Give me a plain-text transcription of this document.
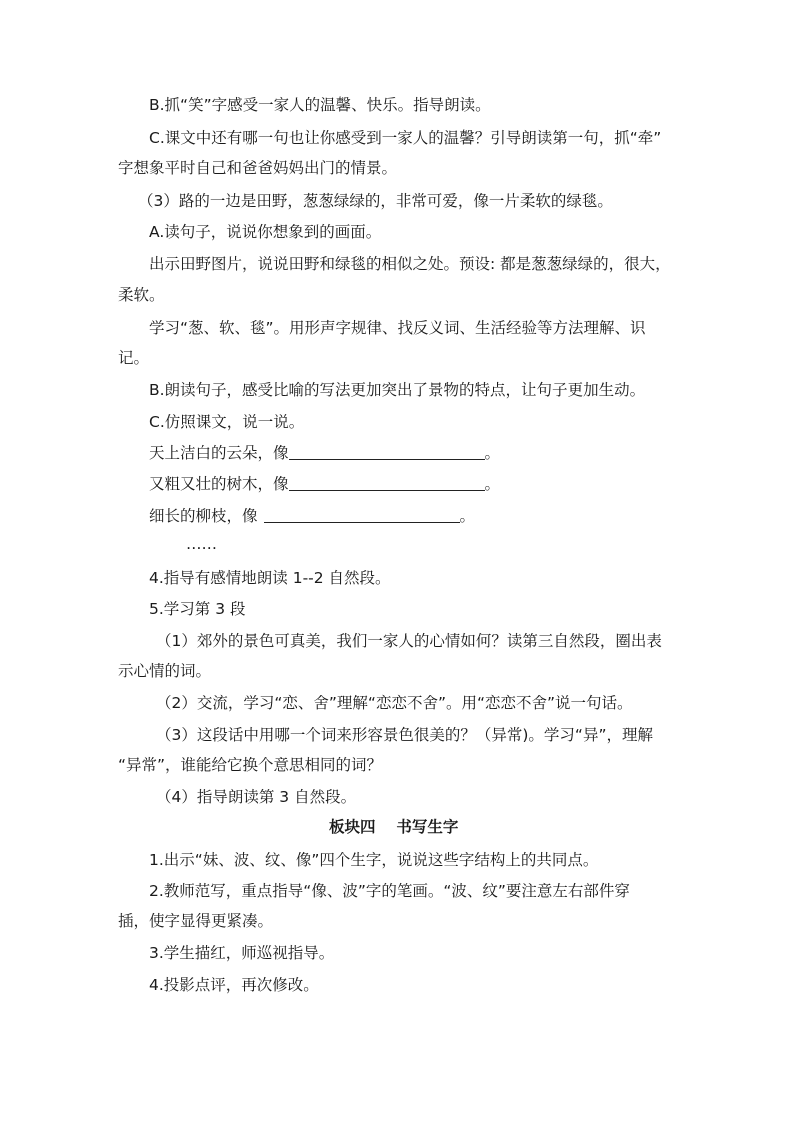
B.抓“笑”字感受一家人的温馨、快乐。指导朗读。
C.课文中还有哪一句也让你感受到一家人的温馨？引导朗读第一句，抓“牵”
字想象平时自己和爸爸妈妈出门的情景。
（3）路的一边是田野，葱葱绿绿的，非常可爱，像一片柔软的绿毯。
A.读句子，说说你想象到的画面。
出示田野图片，说说田野和绿毯的相似之处。预设: 都是葱葱绿绿的，很大，
柔软。
学习“葱、软、毯”。用形声字规律、找反义词、生活经验等方法理解、识
记。
B.朗读句子，感受比喻的写法更加突出了景物的特点，让句子更加生动。
C.仿照课文，说一说。
天上洁白的云朵，像	。
又粗又壮的树木，像	。
细长的柳枝，像	。
……
4.指导有感情地朗读 1--2 自然段。
5.学习第 3 段
（1）郊外的景色可真美，我们一家人的心情如何？读第三自然段，圈出表
示心情的词。
（2）交流，学习“恋、舍”理解“恋恋不舍”。用“恋恋不舍”说一句话。
（3）这段话中用哪一个词来形容景色很美的？（异常)。学习“异”，理解
“异常”，谁能给它换个意思相同的词？
（4）指导朗读第 3 自然段。
板块四　 书写生字
1.出示“妹、波、纹、像”四个生字，说说这些字结构上的共同点。
2.教师范写，重点指导“像、波”字的笔画。“波、纹”要注意左右部件穿
插，使字显得更紧凑。
3.学生描红，师巡视指导。
4.投影点评，再次修改。
